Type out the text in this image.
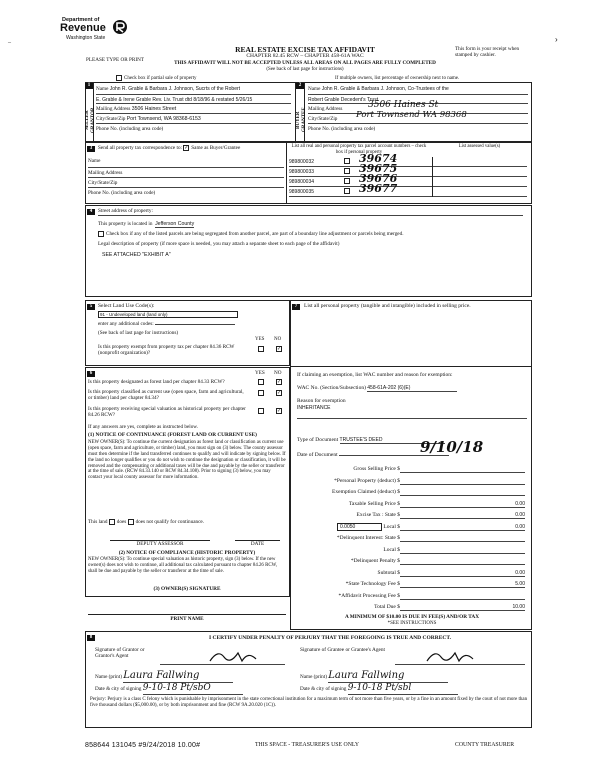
Department of
Revenue
Washington State
–	›
REAL ESTATE EXCISE TAX AFFIDAVIT
CHAPTER 82.45 RCW – CHAPTER 458-61A WAC
THIS AFFIDAVIT WILL NOT BE ACCEPTED UNLESS ALL AREAS ON ALL PAGES ARE FULLY COMPLETED
(See back of last page for instructions)
PLEASE TYPE OR PRINT
This form is your receipt when stamped by cashier.
Check box if partial sale of property	If multiple owners, list percentage of ownership next to name.
1
SELLER GRANTOR
Name John R. Grable & Barbara J. Johnson, Sucrts of the Robert
E. Grable & Irene Grable Rev. Liv. Trust dtd 8/18/96 & restated 5/26/15
Mailing Address 3506 Haines Street
City/State/Zip Port Townsend, WA 98368-6153
Phone No. (including area code)
2
BUYER GRANTEE
Name John R. Grable & Barbara J. Johnson, Co-Trustees of the
Robert Grable Decedent's Trust
Mailing Address	3506 Haines St
City/State/Zip Port Townsend WA 98368
Phone No. (including area code)
3	Send all property tax correspondence to: ✓ Same as Buyer/Grantee
Name
Mailing Address
City/State/Zip
Phone No. (including area code)
List all real and personal property tax parcel account numbers – check box if personal property
List assessed value(s)
989800032	39674
989800033	39675
989800034	39676
989800035	39677
4	Street address of property:
This property is located in Jefferson County
Check box if any of the listed parcels are being segregated from another parcel, are part of a boundary line adjustment or parcels being merged.
Legal description of property (if more space is needed, you may attach a separate sheet to each page of the affidavit)
SEE ATTACHED "EXHIBIT A"
5	Select Land Use Code(s):
91 - Undeveloped land (land only)
enter any additional codes:
(See back of last page for instructions)
YES NO
Is this property exempt from property tax per chapter 84.36 RCW (nonprofit organization)?
✓
6	YES NO
Is this property designated as forest land per chapter 84.33 RCW?	✓
Is this property classified as current use (open space, farm and agricultural, or timber) land per chapter 84.34?
✓
Is this property receiving special valuation as historical property per chapter 84.26 RCW?
✓
If any answers are yes, complete as instructed below.
(1) NOTICE OF CONTINUANCE (FOREST LAND OR CURRENT USE)
NEW OWNER(S): To continue the current designation as forest land or classification as current use (open space, farm and agriculture, or timber) land, you must sign on (3) below. The county assessor must then determine if the land transferred continues to qualify and will indicate by signing below. If the land no longer qualifies or you do not wish to continue the designation or classification, it will be removed and the compensating or additional taxes will be due and payable by the seller or transferor at the time of sale. (RCW 84.33.140 or RCW 84.34.108). Prior to signing (3) below, you may contact your local county assessor for more information.
This land does does not qualify for continuance.
DEPUTY ASSESSOR	DATE
(2) NOTICE OF COMPLIANCE (HISTORIC PROPERTY)
NEW OWNER(S): To continue special valuation as historic property, sign (3) below. If the new owner(s) does not wish to continue, all additional tax calculated pursuant to chapter 84.26 RCW, shall be due and payable by the seller or transferor at the time of sale.
(3) OWNER(S) SIGNATURE
PRINT NAME
7	List all personal property (tangible and intangible) included in selling price.
If claiming an exemption, list WAC number and reason for exemption:
WAC No. (Section/Subsection) 458-61A-202 (6)(E)
Reason for exemption
INHERITANCE
Type of Document TRUSTEE'S DEED
Date of Document	9/10/18
Gross Selling Price $
*Personal Property (deduct) $
Exemption Claimed (deduct) $
Taxable Selling Price $	0.00
Excise Tax : State $	0.00
0.0050	Local $	0.00
*Delinquent Interest: State $
Local $
*Delinquent Penalty $
Subtotal $	0.00
*State Technology Fee $	5.00
*Affidavit Processing Fee $
Total Due $	10.00
A MINIMUM OF $10.00 IS DUE IN FEE(S) AND/OR TAX
*SEE INSTRUCTIONS
8	I CERTIFY UNDER PENALTY OF PERJURY THAT THE FOREGOING IS TRUE AND CORRECT.
Signature of Grantor or Grantor's Agent
Name (print) Laura Fallwing
Date & city of signing 9-10-18 Pt/sbO
Signature of Grantee or Grantee's Agent
Name (print) Laura Fallwing
Date & city of signing 9-10-18 Pt/sbl
Perjury: Perjury is a class C felony which is punishable by imprisonment in the state correctional institution for a maximum term of not more than five years, or by a fine in an amount fixed by the court of not more than five thousand dollars ($5,000.00), or by both imprisonment and fine (RCW 9A.20.020 (1C)).
858644 131045 #9/24/2018 10.00#	THIS SPACE - TREASURER'S USE ONLY	COUNTY TREASURER
